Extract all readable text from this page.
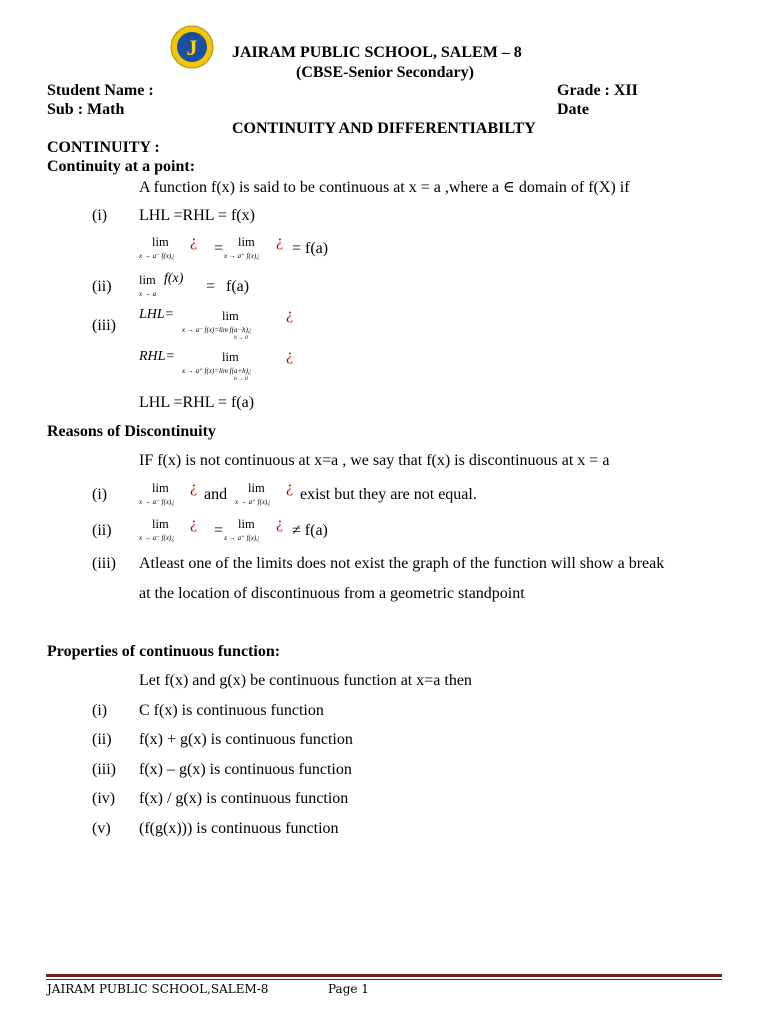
J JAIRAM PUBLIC SCHOOL, SALEM – 8
(CBSE-Senior Secondary)
Student Name :	Grade : XII
Sub : Math	Date
CONTINUITY AND DIFFERENTIABILTY
CONTINUITY :
Continuity at a point:
A function f(x) is said to be continuous at x = a ,where a ∈ domain of f(X) if
(i) LHL =RHL = f(x)
lim
x → a⁻ f(x)¿
¿ = lim
x → a⁺ f(x)¿
¿ = f(a)
(ii) lim f(x)
x → a	= f(a)
(iii)
LHL=	lim
x → a⁻ f(x)=lim f(a−h)¿
h → 0
¿
RHL=	lim
x → a⁺ f(x)=lim f(a+h)¿
h → 0
¿
LHL =RHL = f(a)
Reasons of Discontinuity
IF f(x) is not continuous at x=a , we say that f(x) is discontinuous at x = a
(i)	lim
x → a⁻ f(x)¿
¿ and lim
x → a⁺ f(x)¿
¿ exist but they are not equal.
(ii)	lim
x → a⁻ f(x)¿
¿ = lim
x → a⁺ f(x)¿
¿ ≠ f(a)
(iii) Atleast one of the limits does not exist the graph of the function will show a break
at the location of discontinuous from a geometric standpoint
Properties of continuous function:
Let f(x) and g(x) be continuous function at x=a then
(i) C f(x) is continuous function
(ii) f(x) + g(x) is continuous function
(iii) f(x) – g(x) is continuous function
(iv) f(x) / g(x) is continuous function
(v) (f(g(x))) is continuous function
JAIRAM PUBLIC SCHOOL,SALEM-8	Page 1
